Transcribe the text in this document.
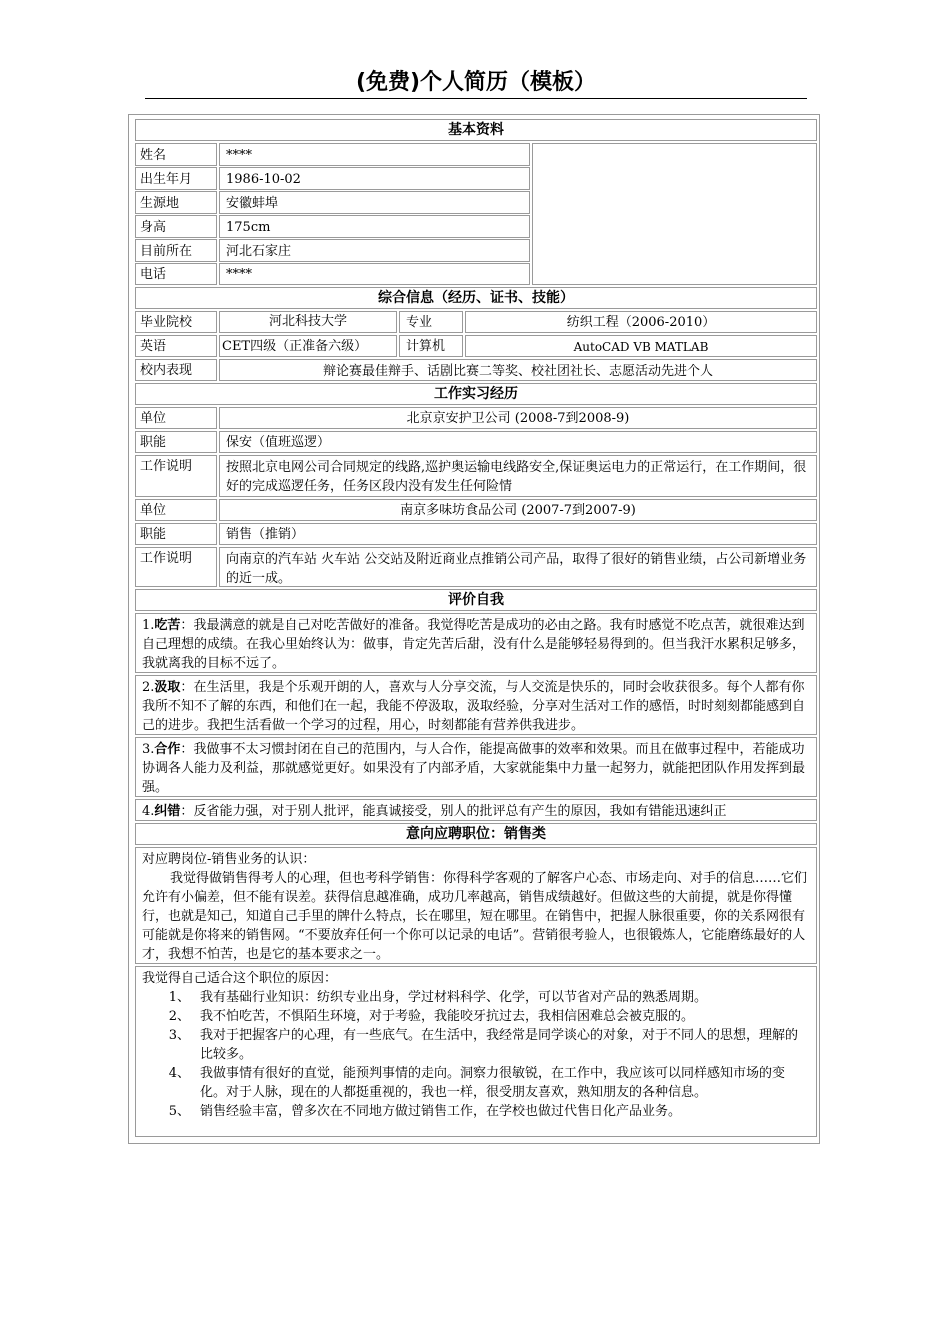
(免费)个人简历（模板）
基本资料
姓名	****
出生年月	1986-10-02
生源地	安徽蚌埠
身高	175cm
目前所在	河北石家庄
电话	****
综合信息（经历、证书、技能）
毕业院校	河北科技大学	专业	纺织工程（2006-2010）
英语	CET四级（正准备六级）	计算机	AutoCAD VB MATLAB
校内表现	辩论赛最佳辩手、话剧比赛二等奖、校社团社长、志愿活动先进个人
工作实习经历
单位	北京京安护卫公司 (2008-7到2008-9)
职能	保安（值班巡逻）
工作说明	按照北京电网公司合同规定的线路,巡护奥运输电线路安全,保证奥运电力的正常运行，在工作期间，很好的完成巡逻任务，任务区段内没有发生任何险情
单位	南京多味坊食品公司 (2007-7到2007-9)
职能	销售（推销）
工作说明	向南京的汽车站 火车站 公交站及附近商业点推销公司产品，取得了很好的销售业绩，占公司新增业务的近一成。
评价自我
1.吃苦：我最满意的就是自己对吃苦做好的准备。我觉得吃苦是成功的必由之路。我有时感觉不吃点苦，就很难达到自己理想的成绩。在我心里始终认为：做事，肯定先苦后甜，没有什么是能够轻易得到的。但当我汗水累积足够多，我就离我的目标不远了。
2.汲取：在生活里，我是个乐观开朗的人，喜欢与人分享交流，与人交流是快乐的，同时会收获很多。每个人都有你我所不知不了解的东西，和他们在一起，我能不停汲取，汲取经验，分享对生活对工作的感悟，时时刻刻都能感到自己的进步。我把生活看做一个学习的过程，用心，时刻都能有营养供我进步。
3.合作：我做事不太习惯封闭在自己的范围内，与人合作，能提高做事的效率和效果。而且在做事过程中，若能成功协调各人能力及利益，那就感觉更好。如果没有了内部矛盾，大家就能集中力量一起努力，就能把团队作用发挥到最强。
4.纠错：反省能力强，对于别人批评，能真诚接受，别人的批评总有产生的原因，我如有错能迅速纠正
意向应聘职位：销售类
对应聘岗位-销售业务的认识：
我觉得做销售得考人的心理，但也考科学销售：你得科学客观的了解客户心态、市场走向、对手的信息……它们允许有小偏差，但不能有误差。获得信息越准确，成功几率越高，销售成绩越好。但做这些的大前提，就是你得懂行，也就是知己，知道自己手里的牌什么特点，长在哪里，短在哪里。在销售中，把握人脉很重要，你的关系网很有可能就是你将来的销售网。“不要放弃任何一个你可以记录的电话”。营销很考验人，也很锻炼人，它能磨练最好的人才，我想不怕苦，也是它的基本要求之一。
我觉得自己适合这个职位的原因：
1、 我有基础行业知识：纺织专业出身，学过材料科学、化学，可以节省对产品的熟悉周期。
2、 我不怕吃苦，不惧陌生环境，对于考验，我能咬牙抗过去，我相信困难总会被克服的。
3、 我对于把握客户的心理，有一些底气。在生活中，我经常是同学谈心的对象，对于不同人的思想，理解的比较多。
4、 我做事情有很好的直觉，能预判事情的走向。洞察力很敏锐，在工作中，我应该可以同样感知市场的变化。对于人脉，现在的人都挺重视的，我也一样，很受朋友喜欢，熟知朋友的各种信息。
5、 销售经验丰富，曾多次在不同地方做过销售工作，在学校也做过代售日化产品业务。
